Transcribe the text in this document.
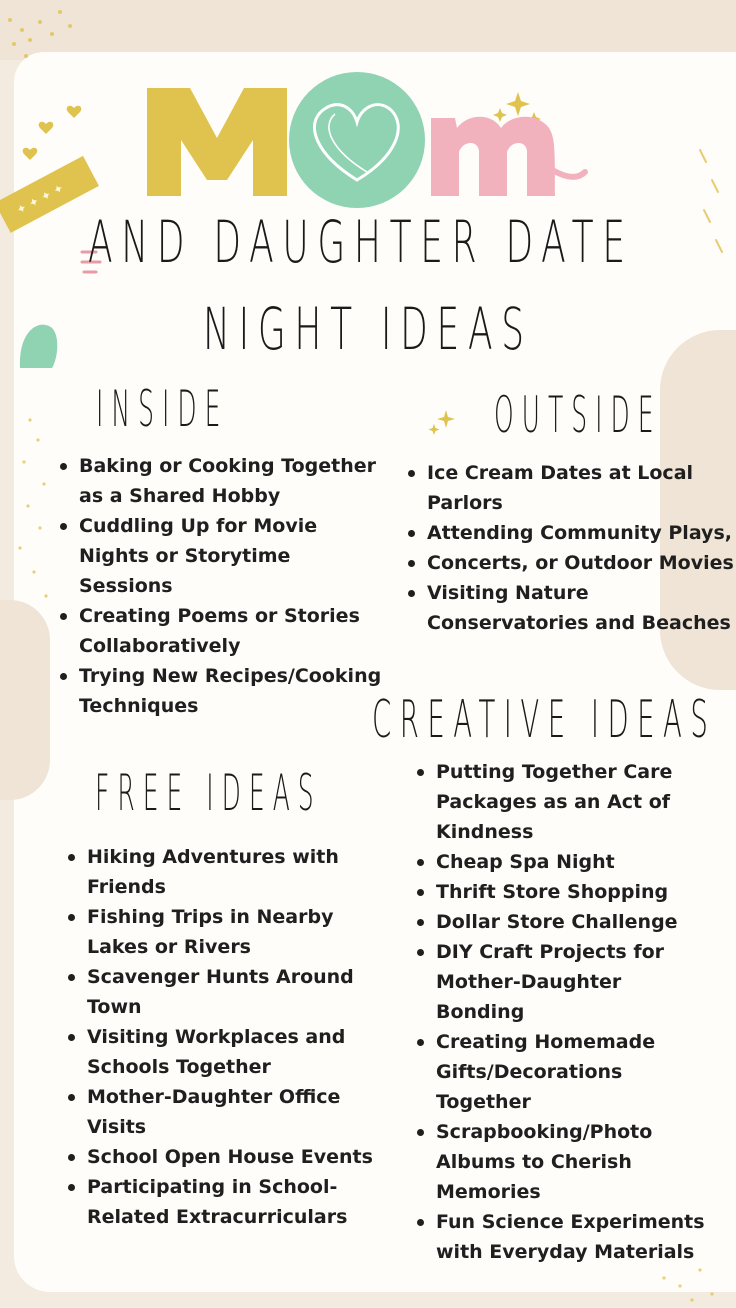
✦ ✦ ✦ ✦
AND DAUGHTER DATE
NIGHT IDEAS
INSIDE	OUTSIDE
CREATIVE IDEAS
FREE IDEAS
Baking or Cooking Together as a Shared Hobby
Cuddling Up for Movie Nights or Storytime Sessions
Creating Poems or Stories Collaboratively
Trying New Recipes/Cooking Techniques
Ice Cream Dates at Local Parlors
Attending Community Plays,
Concerts, or Outdoor Movies
Visiting Nature Conservatories and Beaches
Putting Together Care Packages as an Act of Kindness
Cheap Spa Night
Thrift Store Shopping
Dollar Store Challenge
DIY Craft Projects for Mother-Daughter Bonding
Creating Homemade Gifts/Decorations Together
Scrapbooking/Photo Albums to Cherish Memories
Fun Science Experiments with Everyday Materials
Hiking Adventures with Friends
Fishing Trips in Nearby Lakes or Rivers
Scavenger Hunts Around Town
Visiting Workplaces and Schools Together
Mother-Daughter Office Visits
School Open House Events
Participating in School-Related Extracurriculars
